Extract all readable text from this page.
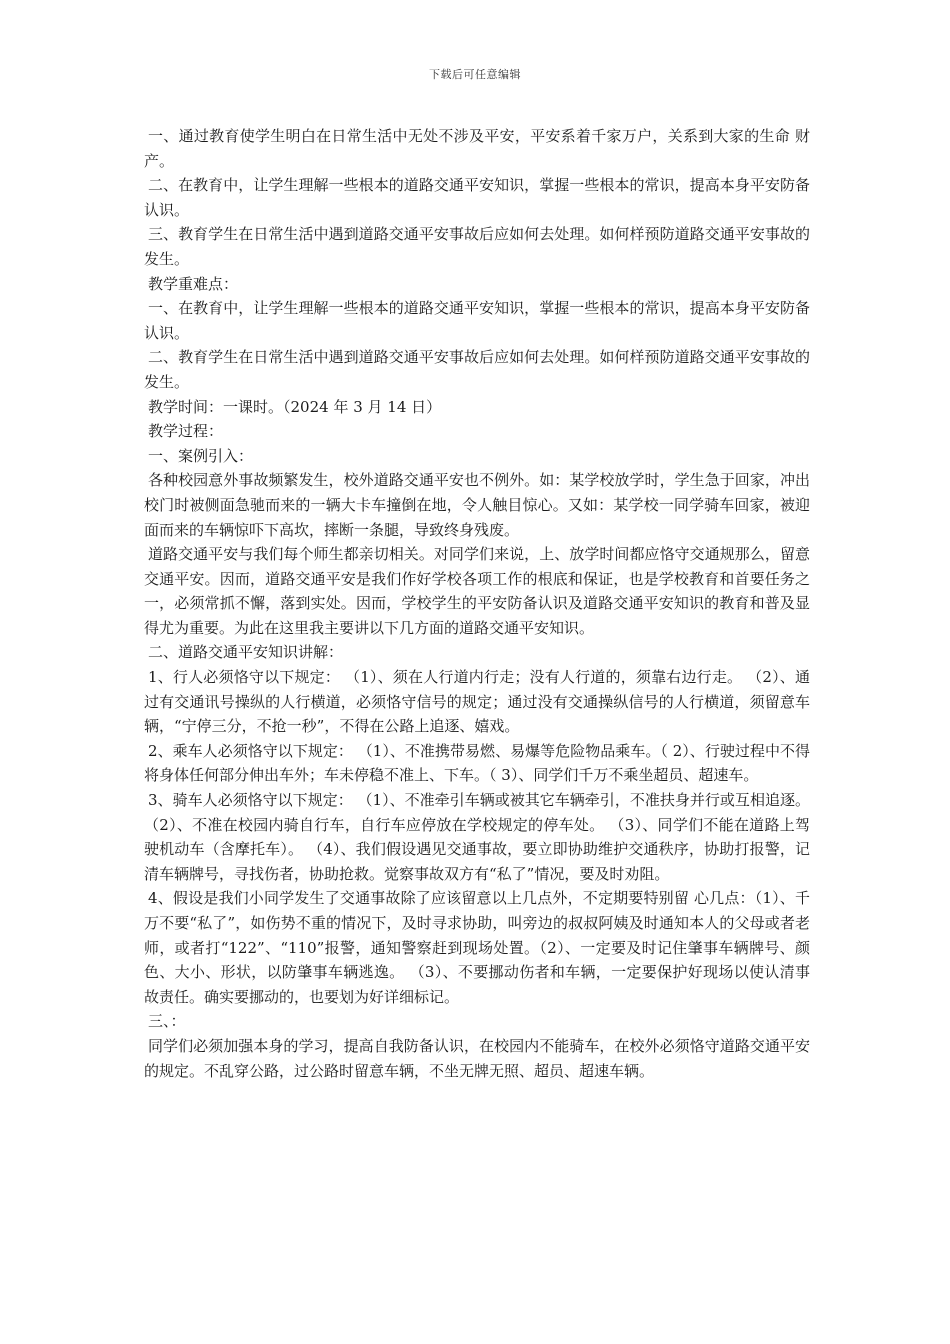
下载后可任意编辑

一、通过教育使学生明白在日常生活中无处不涉及平安，平安系着千家万户，关系到大家的生命 财产。

二、在教育中，让学生理解一些根本的道路交通平安知识，掌握一些根本的常识，提高本身平安防备认识。

三、教育学生在日常生活中遇到道路交通平安事故后应如何去处理。如何样预防道路交通平安事故的发生。

教学重难点：

一、在教育中，让学生理解一些根本的道路交通平安知识，掌握一些根本的常识，提高本身平安防备认识。

二、教育学生在日常生活中遇到道路交通平安事故后应如何去处理。如何样预防道路交通平安事故的发生。

教学时间：一课时。（2024 年 3 月 14 日）

教学过程：

一、案例引入：

各种校园意外事故频繁发生，校外道路交通平安也不例外。如：某学校放学时，学生急于回家，冲出校门时被侧面急驰而来的一辆大卡车撞倒在地，令人触目惊心。又如：某学校一同学骑车回家，被迎面而来的车辆惊吓下高坎，摔断一条腿，导致终身残废。

道路交通平安与我们每个师生都亲切相关。对同学们来说，上、放学时间都应恪守交通规那么，留意交通平安。因而，道路交通平安是我们作好学校各项工作的根底和保证，也是学校教育和首要任务之一，必须常抓不懈，落到实处。因而，学校学生的平安防备认识及道路交通平安知识的教育和普及显得尤为重要。为此在这里我主要讲以下几方面的道路交通平安知识。

二、道路交通平安知识讲解：

1、行人必须恪守以下规定： （1）、须在人行道内行走；没有人行道的，须靠右边行走。 （2）、通过有交通讯号操纵的人行横道，必须恪守信号的规定；通过没有交通操纵信号的人行横道，须留意车辆，“宁停三分，不抢一秒”，不得在公路上追逐、嬉戏。

2、乘车人必须恪守以下规定： （1）、不准携带易燃、易爆等危险物品乘车。（ 2）、行驶过程中不得将身体任何部分伸出车外；车未停稳不准上、下车。（ 3）、同学们千万不乘坐超员、超速车。

3、骑车人必须恪守以下规定： （1）、不准牵引车辆或被其它车辆牵引，不准扶身并行或互相追逐。 （2）、不准在校园内骑自行车，自行车应停放在学校规定的停车处。 （3）、同学们不能在道路上驾驶机动车（含摩托车）。 （4）、我们假设遇见交通事故，要立即协助维护交通秩序，协助打报警，记清车辆牌号，寻找伤者，协助抢救。觉察事故双方有“私了”情况，要及时劝阻。

4、假设是我们小同学发生了交通事故除了应该留意以上几点外，不定期要特别留 心几点：（1）、千万不要“私了”，如伤势不重的情况下，及时寻求协助，叫旁边的叔叔阿姨及时通知本人的父母或者老师，或者打“122”、“110”报警，通知警察赶到现场处置。（2）、一定要及时记住肇事车辆牌号、颜色、大小、形状，以防肇事车辆逃逸。 （3）、不要挪动伤者和车辆，一定要保护好现场以使认清事故责任。确实要挪动的，也要划为好详细标记。

三、：

同学们必须加强本身的学习，提高自我防备认识，在校园内不能骑车，在校外必须恪守道路交通平安的规定。不乱穿公路，过公路时留意车辆，不坐无牌无照、超员、超速车辆。
